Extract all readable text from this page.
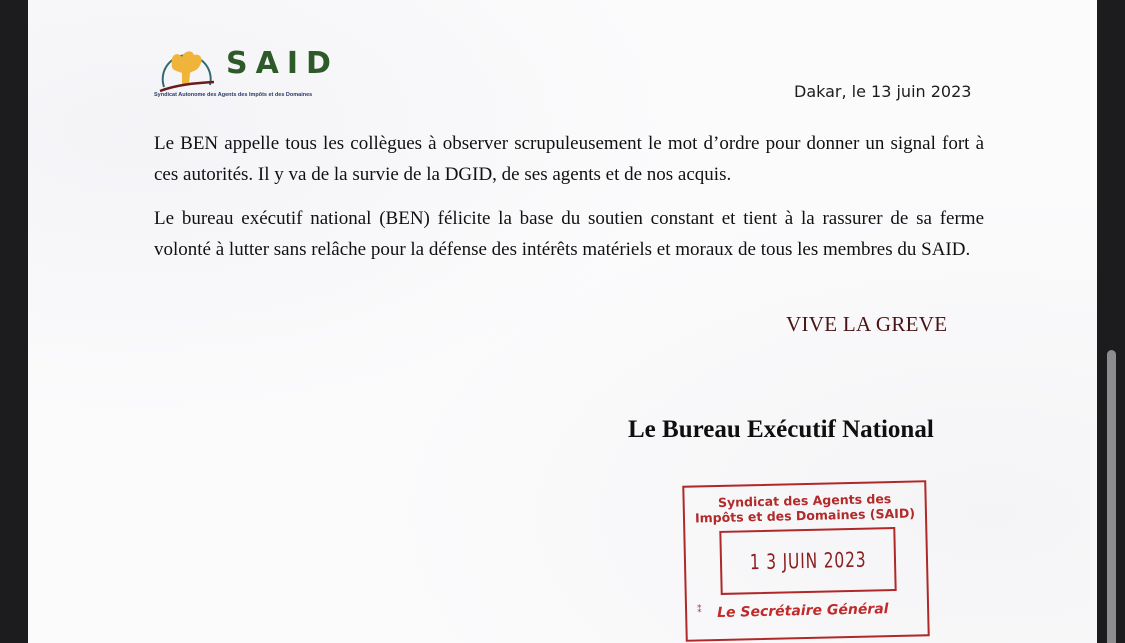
SAID
Syndicat Autonome des Agents des Impôts et des Domaines	Dakar, le 13 juin 2023

Le BEN appelle tous les collègues à observer scrupuleusement le mot d’ordre pour donner un signal fort à ces autorités. Il y va de la survie de la DGID, de ses agents et de nos acquis.

Le bureau exécutif national (BEN) félicite la base du soutien constant et tient à la rassurer de sa ferme volonté à lutter sans relâche pour la défense des intérêts matériels et moraux de tous les membres du SAID.

VIVE LA GREVE
Le Bureau Exécutif National
Syndicat des Agents des
Impôts et des Domaines (SAID)
1 3 JUIN 2023
⁑ Le Secrétaire Général
